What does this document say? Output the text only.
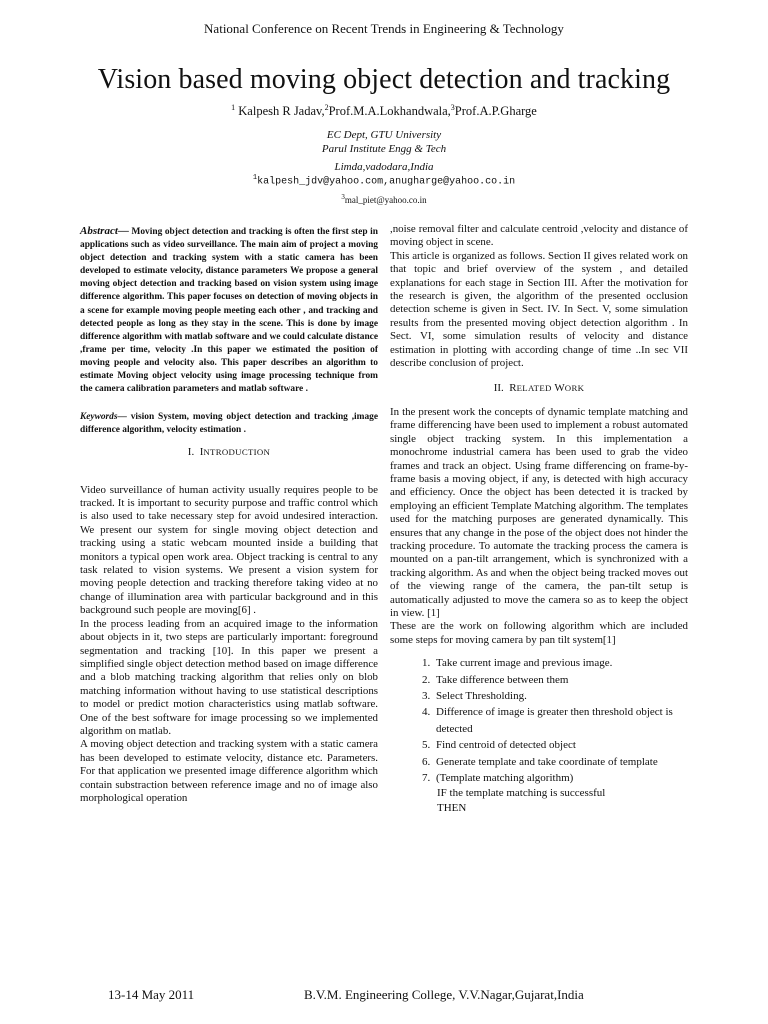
National Conference on Recent Trends in Engineering & Technology
Vision based moving object detection and tracking
$^1$ Kalpesh R Jadav,$^2$Prof.M.A.Lokhandwala,$^3$Prof.A.P.Gharge
EC Dept, GTU University
Parul Institute Engg & Tech
Limda,vadodara,India
$^1$kalpesh_jdv@yahoo.com,anugharge@yahoo.co.in
$^3$mal_piet@yahoo.co.in

Abstract— Moving object detection and tracking is often the first step in applications such as video surveillance. The main aim of project a moving object detection and tracking system with a static camera has been developed to estimate velocity, distance parameters We propose a general moving object detection and tracking based on vision system using image difference algorithm. This paper focuses on detection of moving objects in a scene for example moving people meeting each other , and tracking and detected people as long as they stay in the scene. This is done by image difference algorithm with matlab software and we could calculate distance ,frame per time, velocity .In this paper we estimated the position of moving people and velocity also. This paper describes an algorithm to estimate Moving object velocity using image processing technique from the camera calibration parameters and matlab software .

Keywords— vision System, moving object detection and tracking ,image difference algorithm, velocity estimation .

I. INTRODUCTION

Video surveillance of human activity usually requires people to be tracked. It is important to security purpose and traffic control which is also used to take necessary step for avoid undesired interaction. We present our system for single moving object detection and tracking using a static webcam mounted inside a building that monitors a typical open work area. Object tracking is central to any task related to vision systems. We present a vision system for moving people detection and tracking therefore taking video at no change of illumination area with particular background and in this background such people are moving[6] .

In the process leading from an acquired image to the information about objects in it, two steps are particularly important: foreground segmentation and tracking [10]. In this paper we present a simplified single object detection method based on image difference and a blob matching tracking algorithm that relies only on blob matching information without having to use statistical descriptions to model or predict motion characteristics using matlab software. One of the best software for image processing so we implemented algorithm on matlab.

A moving object detection and tracking system with a static camera has been developed to estimate velocity, distance etc. Parameters. For that application we presented image difference algorithm which contain substraction between reference image and no of image also morphological operation

,noise removal filter and calculate centroid ,velocity and distance of moving object in scene.

This article is organized as follows. Section II gives related work on that topic and brief overview of the system , and detailed explanations for each stage in Section III. After the motivation for the research is given, the algorithm of the presented occlusion detection scheme is given in Sect. IV. In Sect. V, some simulation results from the presented moving object detection algorithm . In Sect. VI, some simulation results of velocity and distance estimation in plotting with according change of time ..In sec VII describe conclusion of project.

II. RELATED WORK

In the present work the concepts of dynamic template matching and frame differencing have been used to implement a robust automated single object tracking system. In this implementation a monochrome industrial camera has been used to grab the video frames and track an object. Using frame differencing on frame-by-frame basis a moving object, if any, is detected with high accuracy and efficiency. Once the object has been detected it is tracked by employing an efficient Template Matching algorithm. The templates used for the matching purposes are generated dynamically. This ensures that any change in the pose of the object does not hinder the tracking procedure. To automate the tracking process the camera is mounted on a pan-tilt arrangement, which is synchronized with a tracking algorithm. As and when the object being tracked moves out of the viewing range of the camera, the pan-tilt setup is automatically adjusted to move the camera so as to keep the object in view. [1]

These are the work on following algorithm which are included some steps for moving camera by pan tilt system[1]

1. Take current image and previous image.
2. Take difference between them
3. Select Thresholding.
4. Difference of image is greater then threshold object is detected
5. Find centroid of detected object
6. Generate template and take coordinate of template
7. (Template matching algorithm)
IF the template matching is successful
THEN
13-14 May 2011	B.V.M. Engineering College, V.V.Nagar,Gujarat,India
